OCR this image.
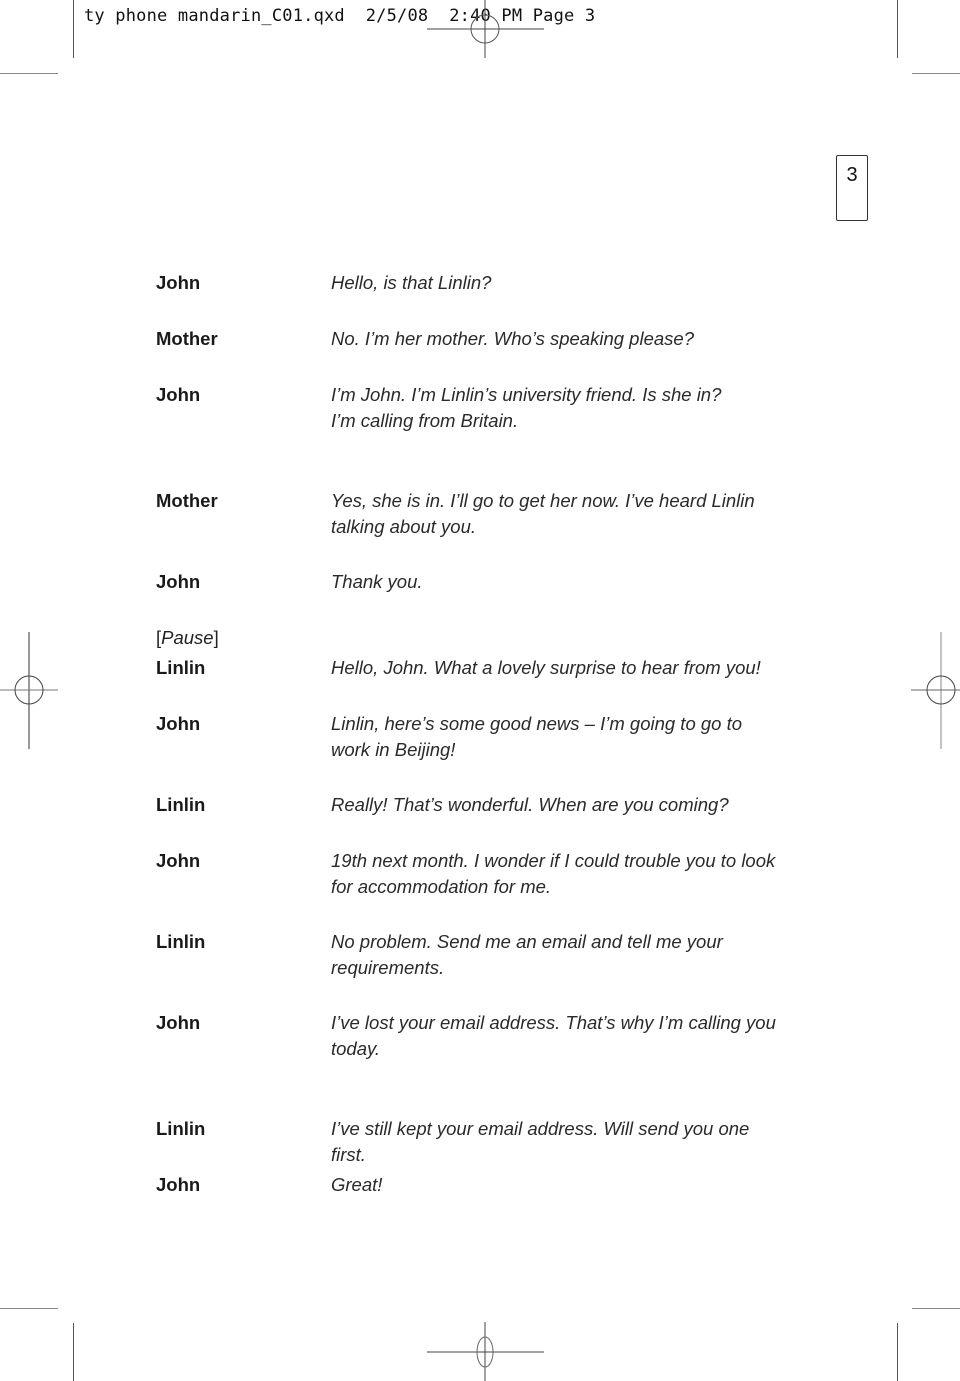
ty phone mandarin_C01.qxd 2/5/08 2:40 PM Page 3
3
John	Hello, is that Linlin?
Mother	No. I’m her mother. Who’s speaking please?
John	I’m John. I’m Linlin’s university friend. Is she in?
I’m calling from Britain.
Mother	Yes, she is in. I’ll go to get her now. I’ve heard Linlin
talking about you.
John	Thank you.
[Pause]
Linlin	Hello, John. What a lovely surprise to hear from you!
John	Linlin, here’s some good news – I’m going to go to
work in Beijing!
Linlin	Really! That’s wonderful. When are you coming?
John	19th next month. I wonder if I could trouble you to look
for accommodation for me.
Linlin	No problem. Send me an email and tell me your
requirements.
John	I’ve lost your email address. That’s why I’m calling you
today.
Linlin	I’ve still kept your email address. Will send you one
first.
John	Great!
